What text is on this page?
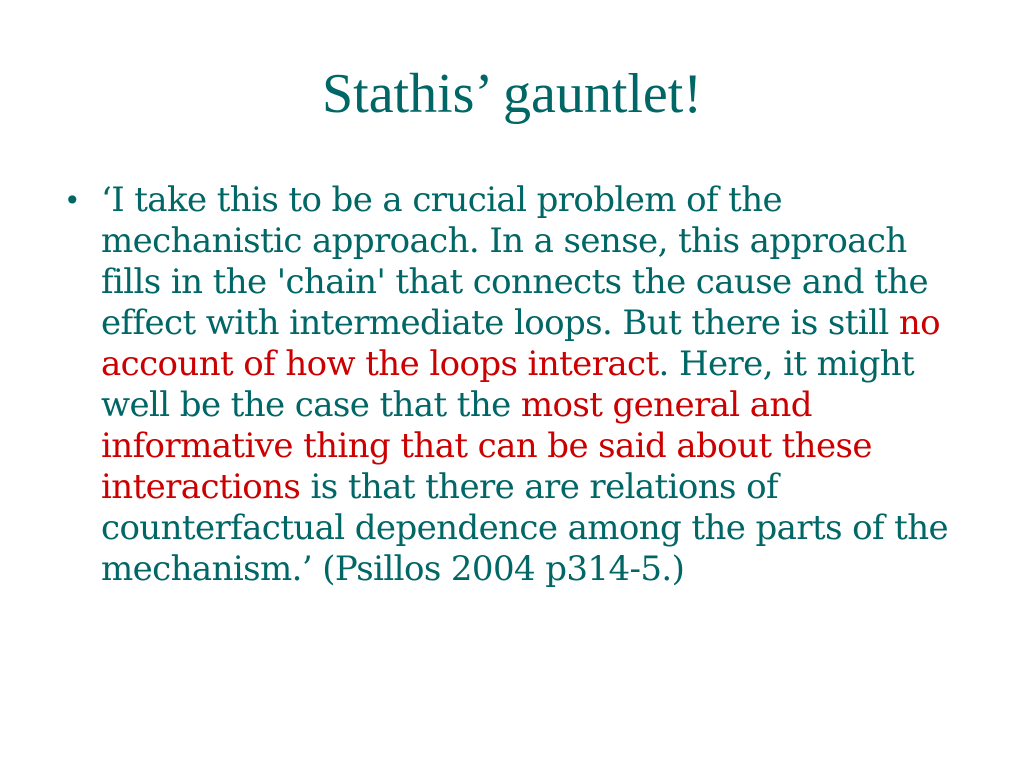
Stathis’ gauntlet!
• ‘I take this to be a crucial problem of the mechanistic approach. In a sense, this approach fills in the 'chain' that connects the cause and the effect with intermediate loops. But there is still no account of how the loops interact. Here, it might well be the case that the most general and informative thing that can be said about these interactions is that there are relations of counterfactual dependence among the parts of the mechanism.’ (Psillos 2004 p314-5.)
